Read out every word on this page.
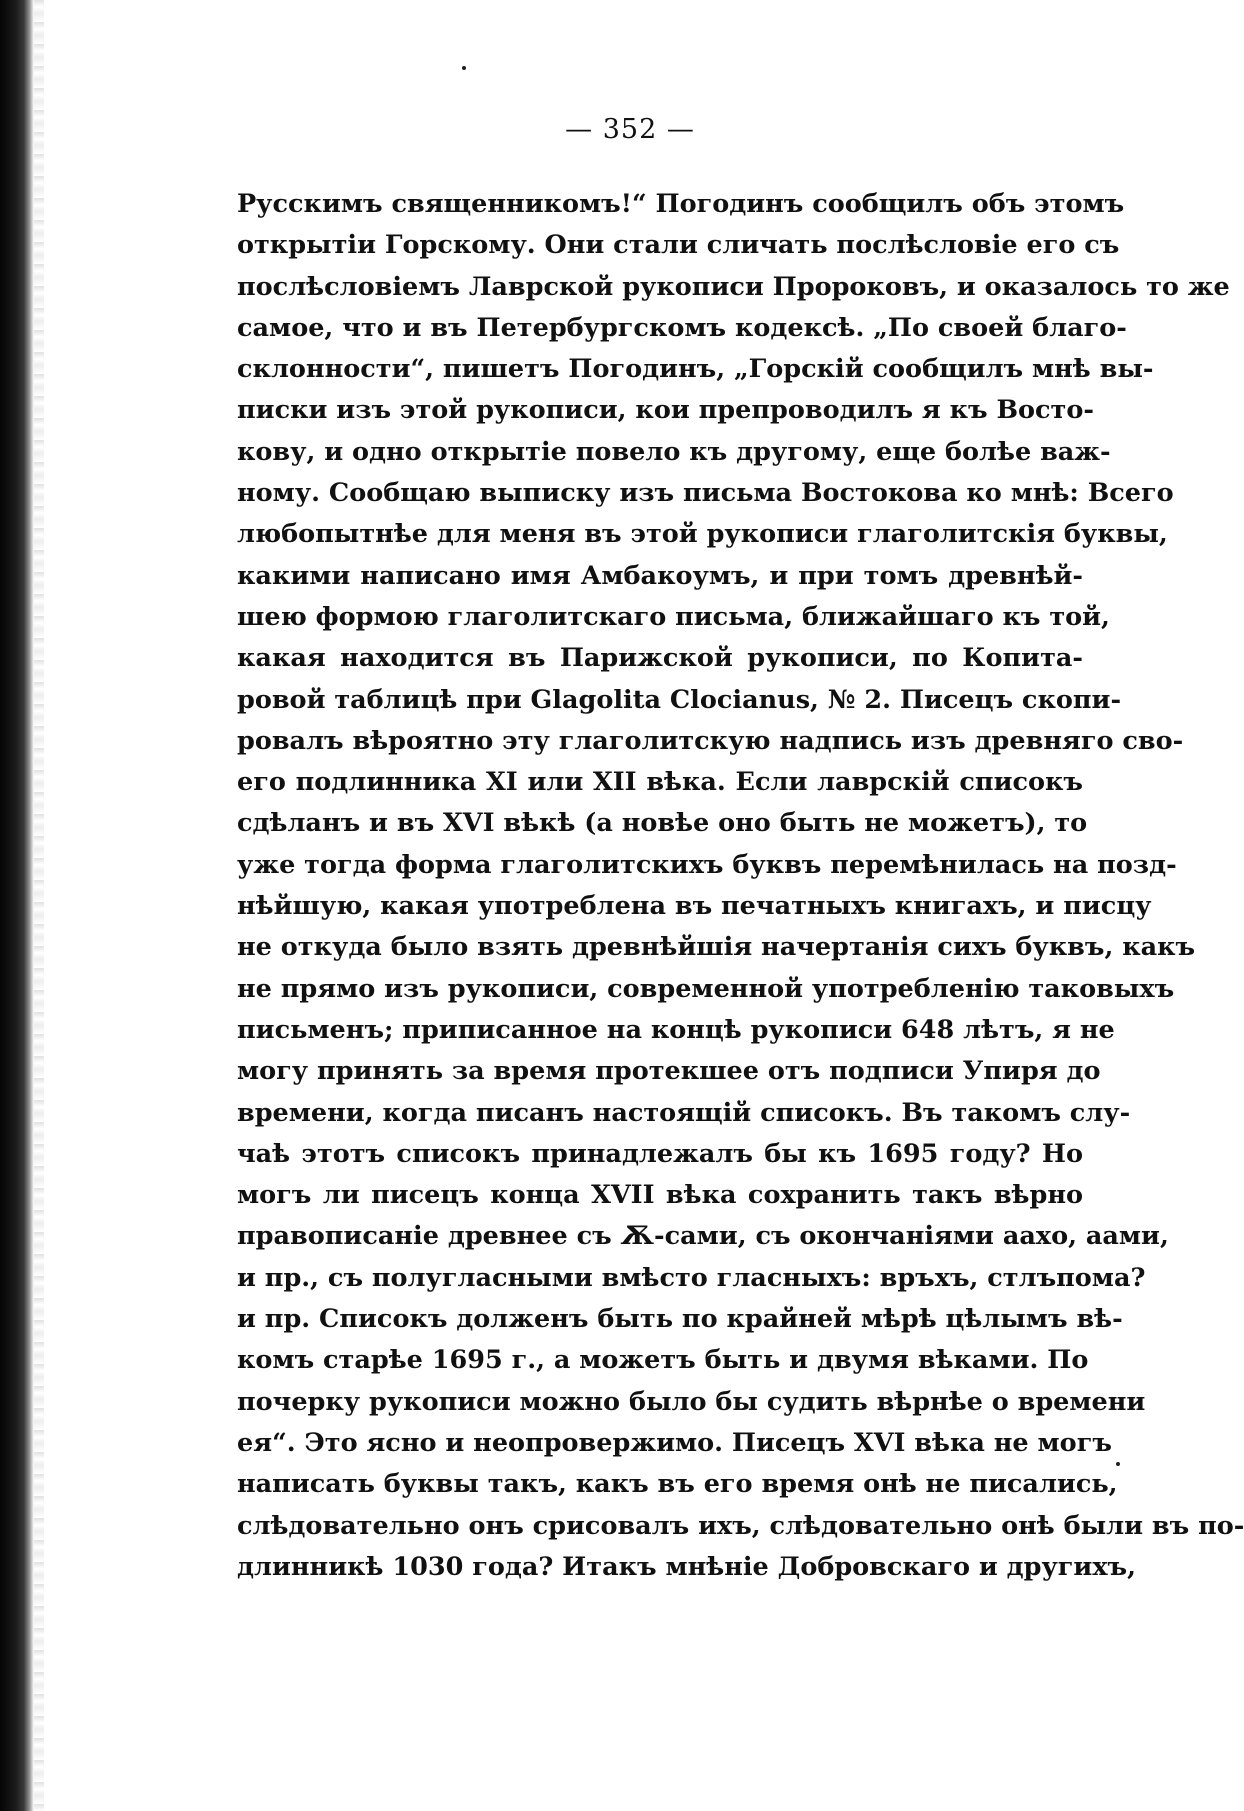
— 352 —
Русскимъ священникомъ!“ Погодинъ сообщилъ объ этомъ
открытіи Горскому. Они стали сличать послѣсловіе его съ
послѣсловіемъ Лаврской рукописи Пророковъ, и оказалось то же
самое, что и въ Петербургскомъ кодексѣ. „По своей благо-
склонности“, пишетъ Погодинъ, „Горскій сообщилъ мнѣ вы-
писки изъ этой рукописи, кои препроводилъ я къ Восто-
кову, и одно открытіе повело къ другому, еще болѣе важ-
ному. Сообщаю выписку изъ письма Востокова ко мнѣ: Всего
любопытнѣе для меня въ этой рукописи глаголитскія буквы,
какими написано имя Амбакоумъ, и при томъ древнѣй-
шею формою глаголитскаго письма, ближайшаго къ той,
какая находится въ Парижской рукописи, по Копита-
ровой таблицѣ при Glagolita Clocianus, № 2. Писецъ скопи-
ровалъ вѣроятно эту глаголитскую надпись изъ древняго сво-
его подлинника XI или XII вѣка. Если лаврскій списокъ
сдѣланъ и въ XVI вѣкѣ (а новѣе оно быть не можетъ), то
уже тогда форма глаголитскихъ буквъ перемѣнилась на позд-
нѣйшую, какая употреблена въ печатныхъ книгахъ, и писцу
не откуда было взять древнѣйшія начертанія сихъ буквъ, какъ
не прямо изъ рукописи, современной употребленію таковыхъ
письменъ; приписанное на концѣ рукописи 648 лѣтъ, я не
могу принять за время протекшее отъ подписи Упиря до
времени, когда писанъ настоящій списокъ. Въ такомъ слу-
чаѣ этотъ списокъ принадлежалъ бы къ 1695 году? Но
могъ ли писецъ конца XVII вѣка сохранить такъ вѣрно
правописаніе древнее съ Ѫ-сами, съ окончаніями аахо, аами,
и пр., съ полугласными вмѣсто гласныхъ: връхъ, стлъпома?
и пр. Списокъ долженъ быть по крайней мѣрѣ цѣлымъ вѣ-
комъ старѣе 1695 г., а можетъ быть и двумя вѣками. По
почерку рукописи можно было бы судить вѣрнѣе о времени
ея“. Это ясно и неопровержимо. Писецъ XVI вѣка не могъ
написать буквы такъ, какъ въ его время онѣ не писались,
слѣдовательно онъ срисовалъ ихъ, слѣдовательно онѣ были въ по-
длинникѣ 1030 года? Итакъ мнѣніе Добровскаго и другихъ,
